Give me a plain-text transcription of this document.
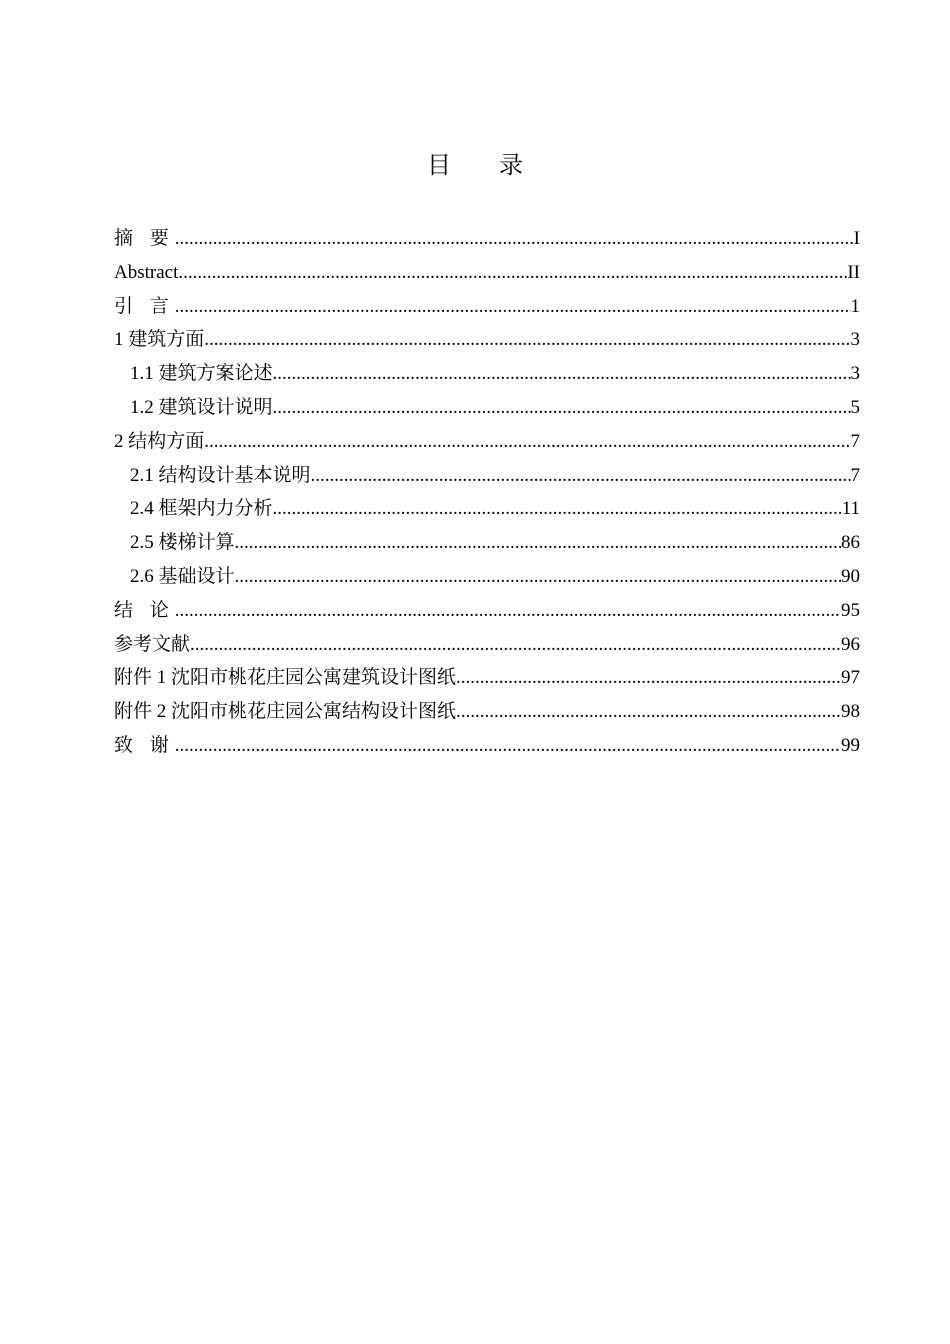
目录
摘 要 .....	I
Abstract .....	II
引 言 .....	1
1 建筑方面 .....	3
1.1 建筑方案论述 .....	3
1.2 建筑设计说明 .....	5
2 结构方面 .....	7
2.1 结构设计基本说明 .....	7
2.4 框架内力分析 .....	11
2.5 楼梯计算 .....	86
2.6 基础设计 .....	90
结 论 .....	95
参考文献 .....	96
附件 1 沈阳市桃花庄园公寓建筑设计图纸 .....	97
附件 2 沈阳市桃花庄园公寓结构设计图纸 .....	98
致 谢 .....	99
